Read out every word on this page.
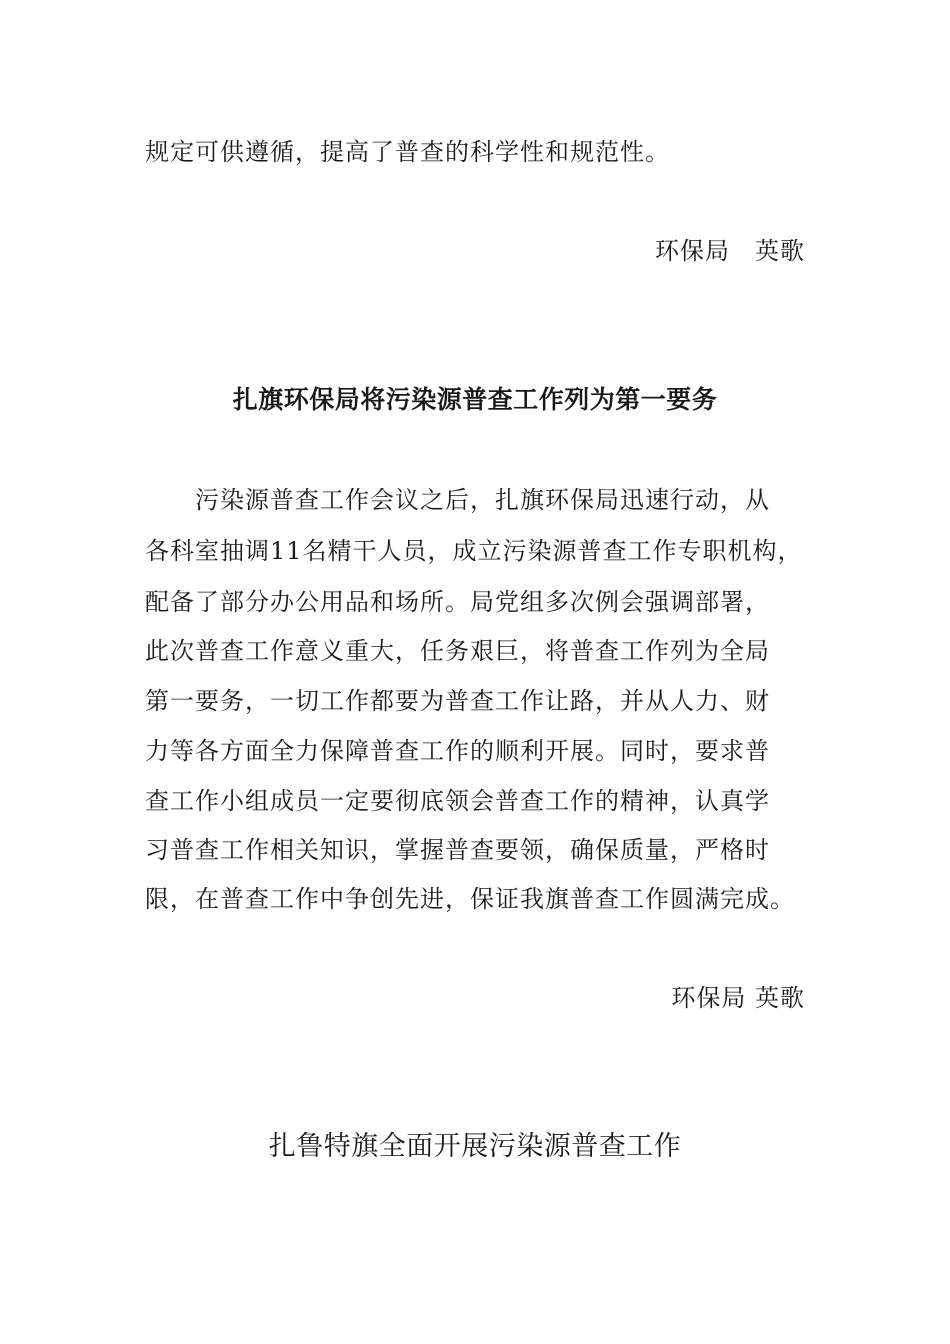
规定可供遵循，提高了普查的科学性和规范性。
环保局　英歌
扎旗环保局将污染源普查工作列为第一要务
污染源普查工作会议之后，扎旗环保局迅速行动，从
各科室抽调11名精干人员，成立污染源普查工作专职机构，
配备了部分办公用品和场所。局党组多次例会强调部署，
此次普查工作意义重大，任务艰巨，将普查工作列为全局
第一要务，一切工作都要为普查工作让路，并从人力、财
力等各方面全力保障普查工作的顺利开展。同时，要求普
查工作小组成员一定要彻底领会普查工作的精神，认真学
习普查工作相关知识，掌握普查要领，确保质量，严格时
限，在普查工作中争创先进，保证我旗普查工作圆满完成。
环保局 英歌
扎鲁特旗全面开展污染源普查工作
